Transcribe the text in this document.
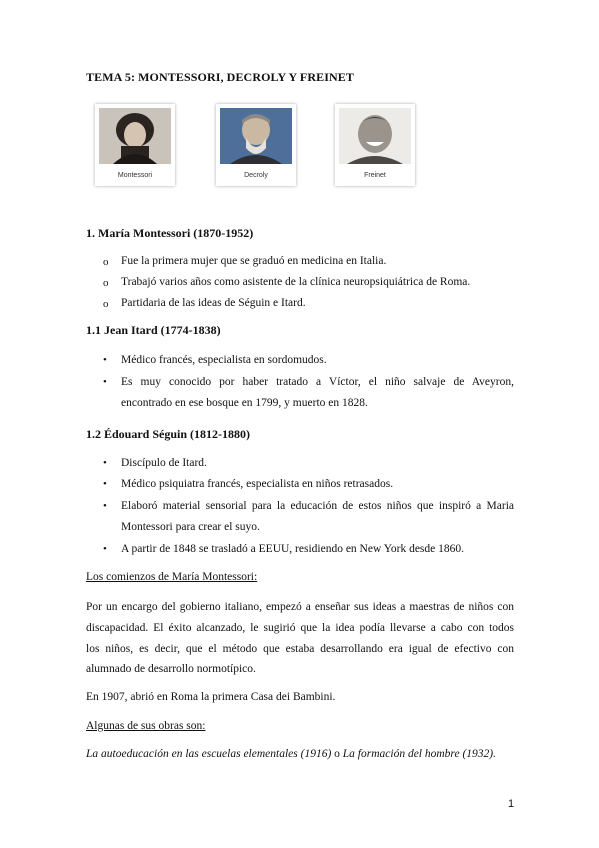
TEMA 5: MONTESSORI, DECROLY Y FREINET
Montessori	Decroly	Freinet
1. María Montessori (1870-1952)
o Fue la primera mujer que se graduó en medicina en Italia.
o Trabajó varios años como asistente de la clínica neuropsiquiátrica de Roma.
o Partidaria de las ideas de Séguin e Itard.
1.1 Jean Itard (1774-1838)
• Médico francés, especialista en sordomudos.
• Es muy conocido por haber tratado a Víctor, el niño salvaje de Aveyron,
encontrado en ese bosque en 1799, y muerto en 1828.
1.2 Édouard Séguin (1812-1880)
• Discípulo de Itard.
• Médico psiquiatra francés, especialista en niños retrasados.
• Elaboró material sensorial para la educación de estos niños que inspiró a Maria
Montessori para crear el suyo.
• A partir de 1848 se trasladó a EEUU, residiendo en New York desde 1860.
Los comienzos de María Montessori:
Por un encargo del gobierno italiano, empezó a enseñar sus ideas a maestras de niños con
discapacidad. El éxito alcanzado, le sugirió que la idea podía llevarse a cabo con todos
los niños, es decir, que el método que estaba desarrollando era igual de efectivo con
alumnado de desarrollo normotípico.
En 1907, abrió en Roma la primera Casa dei Bambini.
Algunas de sus obras son:
La autoeducación en las escuelas elementales (1916) o La formación del hombre (1932).
1
